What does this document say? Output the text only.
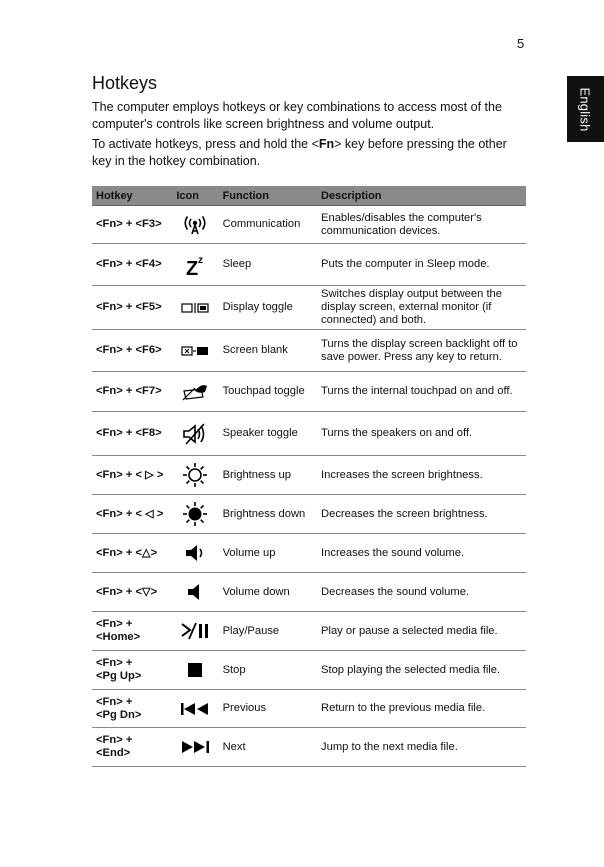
5
English
Hotkeys

The computer employs hotkeys or key combinations to access most of the computer's controls like screen brightness and volume output.

To activate hotkeys, press and hold the <Fn> key before pressing the other key in the hotkey combination.

Hotkey	Icon	Function	Description
<Fn> + <F3>		Communication	Enables/disables the computer's communication devices.
<Fn> + <F4>	Z z	Sleep	Puts the computer in Sleep mode.
<Fn> + <F5>		Display toggle	Switches display output between the display screen, external monitor (if connected) and both.
<Fn> + <F6>		Screen blank	Turns the display screen backlight off to save power. Press any key to return.
<Fn> + <F7>		Touchpad toggle	Turns the internal touchpad on and off.
<Fn> + <F8>		Speaker toggle	Turns the speakers on and off.
<Fn> + < ▷ >		Brightness up	Increases the screen brightness.
<Fn> + < ◁ >		Brightness down	Decreases the screen brightness.
<Fn> + <△>		Volume up	Increases the sound volume.
<Fn> + <▽>		Volume down	Decreases the sound volume.
<Fn> +
<Home>		Play/Pause	Play or pause a selected media file.
<Fn> +
<Pg Up>		Stop	Stop playing the selected media file.
<Fn> +
<Pg Dn>		Previous	Return to the previous media file.
<Fn> +
<End>		Next	Jump to the next media file.
